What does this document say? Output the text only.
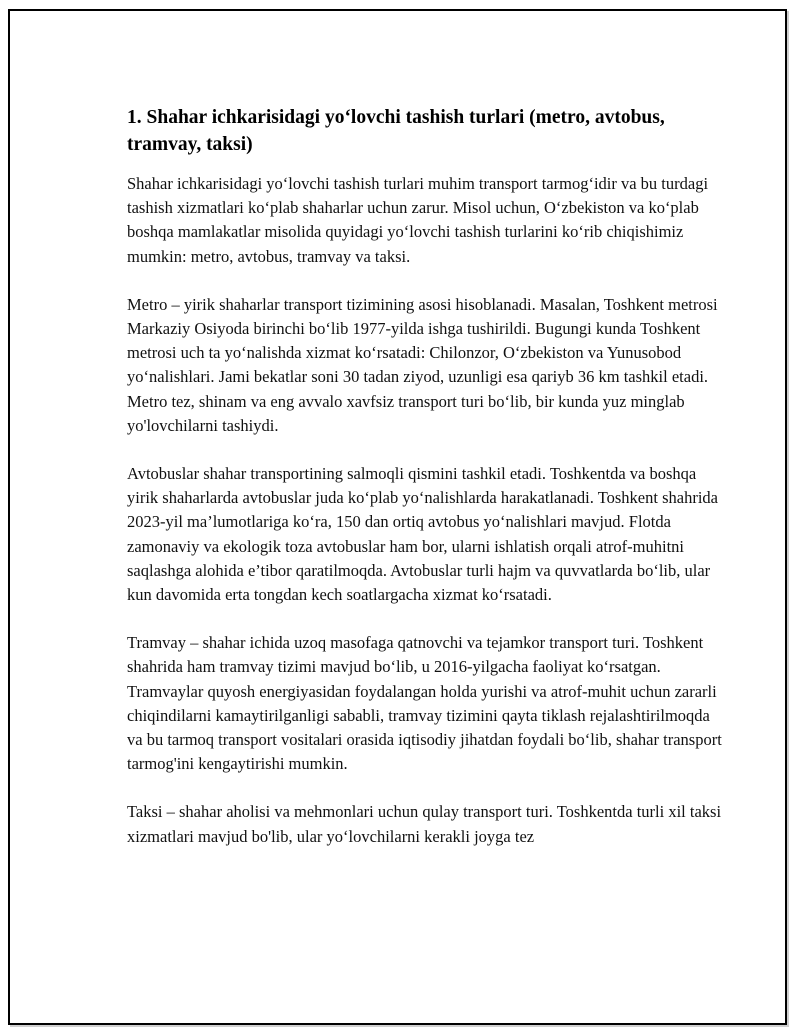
1. Shahar ichkarisidagi yo‘lovchi tashish turlari (metro, avtobus, tramvay, taksi)

Shahar ichkarisidagi yo‘lovchi tashish turlari muhim transport tarmog‘idir va bu turdagi tashish xizmatlari ko‘plab shaharlar uchun zarur. Misol uchun, O‘zbekiston va ko‘plab boshqa mamlakatlar misolida quyidagi yo‘lovchi tashish turlarini ko‘rib chiqishimiz mumkin: metro, avtobus, tramvay va taksi.

Metro – yirik shaharlar transport tizimining asosi hisoblanadi. Masalan, Toshkent metrosi Markaziy Osiyoda birinchi bo‘lib 1977-yilda ishga tushirildi. Bugungi kunda Toshkent metrosi uch ta yo‘nalishda xizmat ko‘rsatadi: Chilonzor, O‘zbekiston va Yunusobod yo‘nalishlari. Jami bekatlar soni 30 tadan ziyod, uzunligi esa qariyb 36 km tashkil etadi. Metro tez, shinam va eng avvalo xavfsiz transport turi bo‘lib, bir kunda yuz minglab yo'lovchilarni tashiydi.

Avtobuslar shahar transportining salmoqli qismini tashkil etadi. Toshkentda va boshqa yirik shaharlarda avtobuslar juda ko‘plab yo‘nalishlarda harakatlanadi. Toshkent shahrida 2023-yil ma’lumotlariga ko‘ra, 150 dan ortiq avtobus yo‘nalishlari mavjud. Flotda zamonaviy va ekologik toza avtobuslar ham bor, ularni ishlatish orqali atrof-muhitni saqlashga alohida e’tibor qaratilmoqda. Avtobuslar turli hajm va quvvatlarda bo‘lib, ular kun davomida erta tongdan kech soatlargacha xizmat ko‘rsatadi.

Tramvay – shahar ichida uzoq masofaga qatnovchi va tejamkor transport turi. Toshkent shahrida ham tramvay tizimi mavjud bo‘lib, u 2016-yilgacha faoliyat ko‘rsatgan. Tramvaylar quyosh energiyasidan foydalangan holda yurishi va atrof-muhit uchun zararli chiqindilarni kamaytirilganligi sababli, tramvay tizimini qayta tiklash rejalashtirilmoqda va bu tarmoq transport vositalari orasida iqtisodiy jihatdan foydali bo‘lib, shahar transport tarmog'ini kengaytirishi mumkin.

Taksi – shahar aholisi va mehmonlari uchun qulay transport turi. Toshkentda turli xil taksi xizmatlari mavjud bo'lib, ular yo‘lovchilarni kerakli joyga tez
